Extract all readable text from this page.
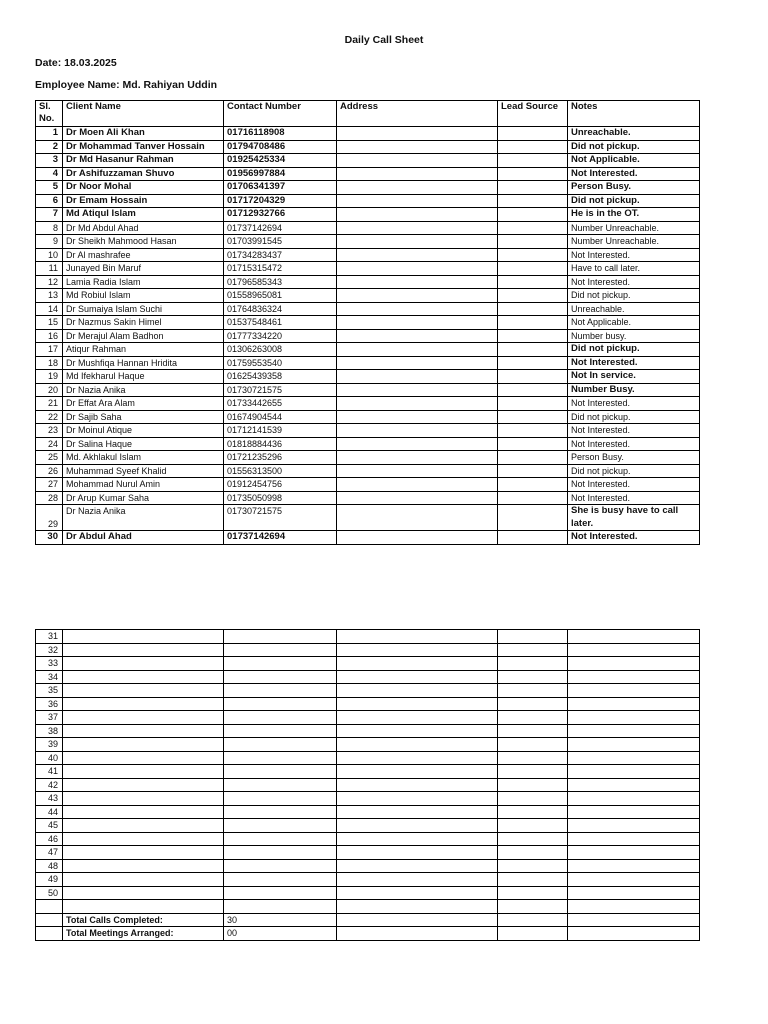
Daily Call Sheet
Date: 18.03.2025
Employee Name: Md. Rahiyan Uddin
Sl. No.	Client Name	Contact Number	Address	Lead Source	Notes
1	Dr Moen Ali Khan	01716118908			Unreachable.
2	Dr Mohammad Tanver Hossain	01794708486			Did not pickup.
3	Dr Md Hasanur Rahman	01925425334			Not Applicable.
4	Dr Ashifuzzaman Shuvo	01956997884			Not Interested.
5	Dr Noor Mohal	01706341397			Person Busy.
6	Dr Emam Hossain	01717204329			Did not pickup.
7	Md Atiqul Islam	01712932766			He is in the OT.
8	Dr Md Abdul Ahad	01737142694			Number Unreachable.
9	Dr Sheikh Mahmood Hasan	01703991545			Number Unreachable.
10	Dr Al mashrafee	01734283437			Not Interested.
11	Junayed Bin Maruf	01715315472			Have to call later.
12	Lamia Radia Islam	01796585343			Not Interested.
13	Md Robiul Islam	01558965081			Did not pickup.
14	Dr Sumaiya Islam Suchi	01764836324			Unreachable.
15	Dr Nazmus Sakin Himel	01537548461			Not Applicable.
16	Dr Merajul Alam Badhon	01777334220			Number busy.
17	Atiqur Rahman	01306263008			Did not pickup.
18	Dr Mushfiqa Hannan Hridita	01759553540			Not Interested.
19	Md Ifekharul Haque	01625439358			Not In service.
20	Dr Nazia Anika	01730721575			Number Busy.
21	Dr Effat Ara Alam	01733442655			Not Interested.
22	Dr Sajib Saha	01674904544			Did not pickup.
23	Dr Moinul Atique	01712141539			Not Interested.
24	Dr Salina Haque	01818884436			Not Interested.
25	Md. Akhlakul Islam	01721235296			Person Busy.
26	Muhammad Syeef Khalid	01556313500			Did not pickup.
27	Mohammad Nurul Amin	01912454756			Not Interested.
28	Dr Arup Kumar Saha	01735050998			Not Interested.
29	Dr Nazia Anika	01730721575			She is busy have to call later.
30	Dr Abdul Ahad	01737142694			Not Interested.
31					
32					
33					
34					
35					
36					
37					
38					
39					
40					
41					
42					
43					
44					
45					
46					
47					
48					
49					
50					

	Total Calls Completed:	30			
	Total Meetings Arranged:	00			
